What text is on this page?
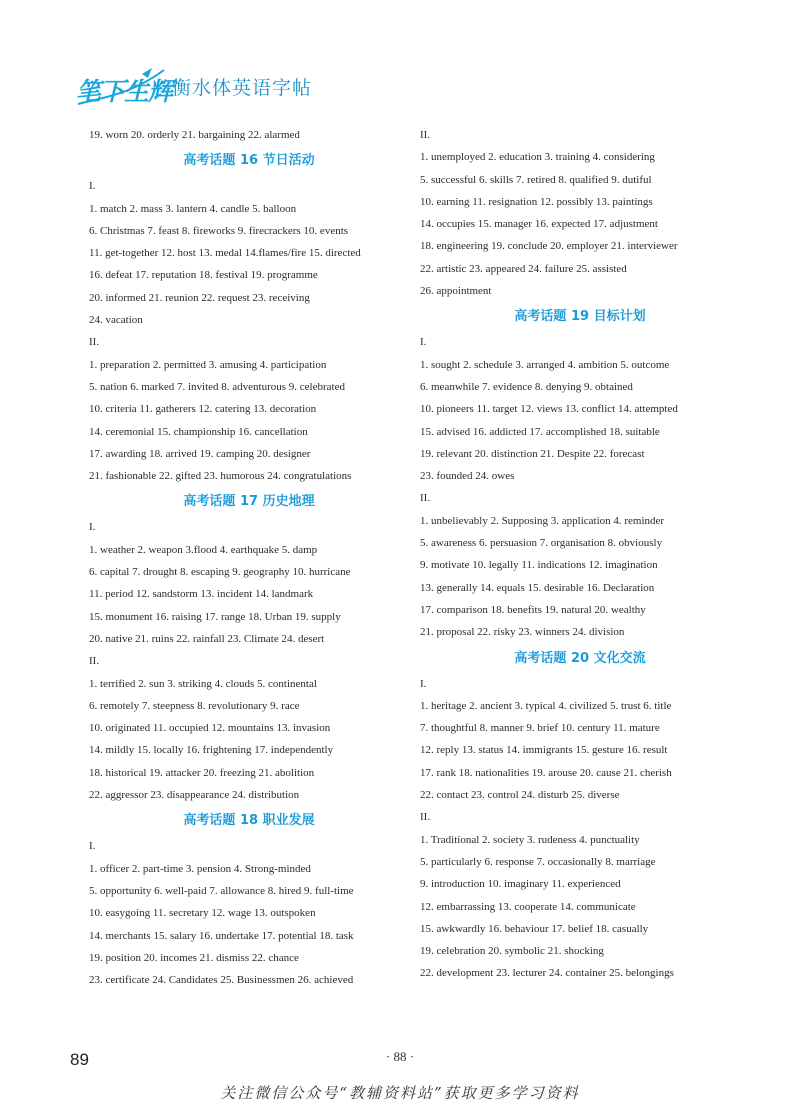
笔下生辉 衡水体英语字帖
19. worn 20. orderly 21. bargaining 22. alarmed
高考话题 16 节日活动
I.
1. match 2. mass 3. lantern 4. candle 5. balloon
6. Christmas 7. feast 8. fireworks 9. firecrackers 10. events
11. get-together 12. host 13. medal 14.flames/fire 15. directed
16. defeat 17. reputation 18. festival 19. programme
20. informed 21. reunion 22. request 23. receiving
24. vacation
II.
1. preparation 2. permitted 3. amusing 4. participation
5. nation 6. marked 7. invited 8. adventurous 9. celebrated
10. criteria 11. gatherers 12. catering 13. decoration
14. ceremonial 15. championship 16. cancellation
17. awarding 18. arrived 19. camping 20. designer
21. fashionable 22. gifted 23. humorous 24. congratulations
高考话题 17 历史地理
I.
1. weather 2. weapon 3.flood 4. earthquake 5. damp
6. capital 7. drought 8. escaping 9. geography 10. hurricane
11. period 12. sandstorm 13. incident 14. landmark
15. monument 16. raising 17. range 18. Urban 19. supply
20. native 21. ruins 22. rainfall 23. Climate 24. desert
II.
1. terrified 2. sun 3. striking 4. clouds 5. continental
6. remotely 7. steepness 8. revolutionary 9. race
10. originated 11. occupied 12. mountains 13. invasion
14. mildly 15. locally 16. frightening 17. independently
18. historical 19. attacker 20. freezing 21. abolition
22. aggressor 23. disappearance 24. distribution
高考话题 18 职业发展
I.
1. officer 2. part-time 3. pension 4. Strong-minded
5. opportunity 6. well-paid 7. allowance 8. hired 9. full-time
10. easygoing 11. secretary 12. wage 13. outspoken
14. merchants 15. salary 16. undertake 17. potential 18. task
19. position 20. incomes 21. dismiss 22. chance
23. certificate 24. Candidates 25. Businessmen 26. achieved
II.
1. unemployed 2. education 3. training 4. considering
5. successful 6. skills 7. retired 8. qualified 9. dutiful
10. earning 11. resignation 12. possibly 13. paintings
14. occupies 15. manager 16. expected 17. adjustment
18. engineering 19. conclude 20. employer 21. interviewer
22. artistic 23. appeared 24. failure 25. assisted
26. appointment
高考话题 19 目标计划
I.
1. sought 2. schedule 3. arranged 4. ambition 5. outcome
6. meanwhile 7. evidence 8. denying 9. obtained
10. pioneers 11. target 12. views 13. conflict 14. attempted
15. advised 16. addicted 17. accomplished 18. suitable
19. relevant 20. distinction 21. Despite 22. forecast
23. founded 24. owes
II.
1. unbelievably 2. Supposing 3. application 4. reminder
5. awareness 6. persuasion 7. organisation 8. obviously
9. motivate 10. legally 11. indications 12. imagination
13. generally 14. equals 15. desirable 16. Declaration
17. comparison 18. benefits 19. natural 20. wealthy
21. proposal 22. risky 23. winners 24. division
高考话题 20 文化交流
I.
1. heritage 2. ancient 3. typical 4. civilized 5. trust 6. title
7. thoughtful 8. manner 9. brief 10. century 11. mature
12. reply 13. status 14. immigrants 15. gesture 16. result
17. rank 18. nationalities 19. arouse 20. cause 21. cherish
22. contact 23. control 24. disturb 25. diverse
II.
1. Traditional 2. society 3. rudeness 4. punctuality
5. particularly 6. response 7. occasionally 8. marriage
9. introduction 10. imaginary 11. experienced
12. embarrassing 13. cooperate 14. communicate
15. awkwardly 16. behaviour 17. belief 18. casually
19. celebration 20. symbolic 21. shocking
22. development 23. lecturer 24. container 25. belongings
89	· 88 ·
关注微信公众号“教辅资料站”获取更多学习资料
